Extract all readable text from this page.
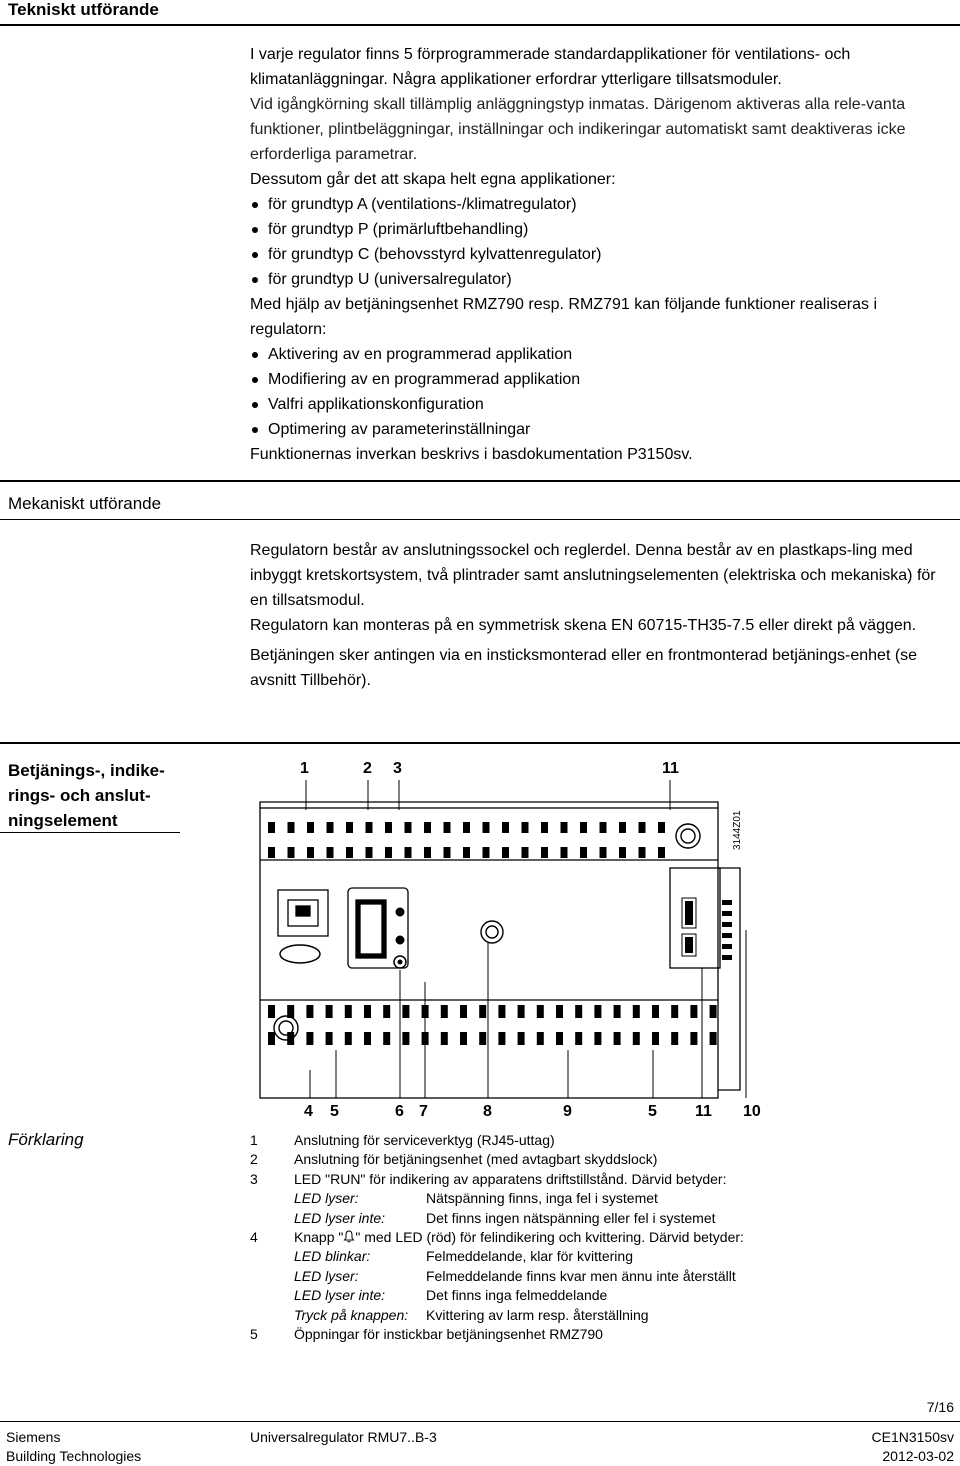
Tekniskt utförande

I varje regulator finns 5 förprogrammerade standardapplikationer för ventilations- och klimatanläggningar. Några applikationer erfordrar ytterligare tillsatsmoduler.

Vid igångkörning skall tillämplig anläggningstyp inmatas. Därigenom aktiveras alla rele-vanta funktioner, plintbeläggningar, inställningar och indikeringar automatiskt samt deaktiveras icke erforderliga parametrar.

Dessutom går det att skapa helt egna applikationer:

för grundtyp A (ventilations-/klimatregulator)
för grundtyp P (primärluftbehandling)
för grundtyp C (behovsstyrd kylvattenregulator)
för grundtyp U (universalregulator)

Med hjälp av betjäningsenhet RMZ790 resp. RMZ791 kan följande funktioner realiseras i regulatorn:

Aktivering av en programmerad applikation
Modifiering av en programmerad applikation
Valfri applikationskonfiguration
Optimering av parameterinställningar

Funktionernas inverkan beskrivs i basdokumentation P3150sv.

Mekaniskt utförande

Regulatorn består av anslutningssockel och reglerdel. Denna består av en plastkaps-ling med inbyggt kretskortsystem, två plintrader samt anslutningselementen (elektriska och mekaniska) för en tillsatsmodul.

Regulatorn kan monteras på en symmetrisk skena EN 60715-TH35-7.5 eller direkt på väggen.

Betjäningen sker antingen via en insticksmonterad eller en frontmonterad betjänings-enhet (se avsnitt Tillbehör).

Betjänings-, indike-
rings- och anslut-
ningselement
1	2 3	11
3144Z01
4 5	6 7	8	9	5 11 10
Förklaring	1	Anslutning för serviceverktyg (RJ45-uttag)
2	Anslutning för betjäningsenhet (med avtagbart skyddslock)
3	LED "RUN" för indikering av apparatens driftstillstånd. Därvid betyder:
LED lyser:	Nätspänning finns, inga fel i systemet
LED lyser inte:	Det finns ingen nätspänning eller fel i systemet
4	Knapp " " med LED (röd) för felindikering och kvittering. Därvid betyder:
LED blinkar:	Felmeddelande, klar för kvittering
LED lyser:	Felmeddelande finns kvar men ännu inte återställt
LED lyser inte:	Det finns inga felmeddelande
Tryck på knappen:	Kvittering av larm resp. återställning
5	Öppningar för instickbar betjäningsenhet RMZ790
7/16
Siemens
Building Technologies
Universalregulator RMU7..B-3	CE1N3150sv
2012-03-02
